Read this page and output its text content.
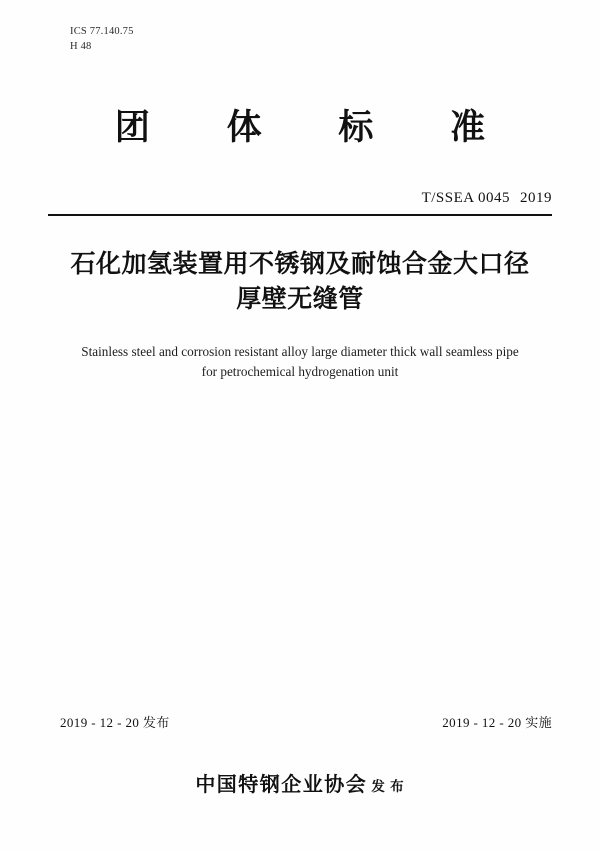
ICS 77.140.75
H 48
团 体 标 准
T/SSEA 0045 2019
石化加氢装置用不锈钢及耐蚀合金大口径
厚壁无缝管
Stainless steel and corrosion resistant alloy large diameter thick wall seamless pipe
for petrochemical hydrogenation unit
2019 - 12 - 20 发布	2019 - 12 - 20 实施
中国特钢企业协会 发 布
